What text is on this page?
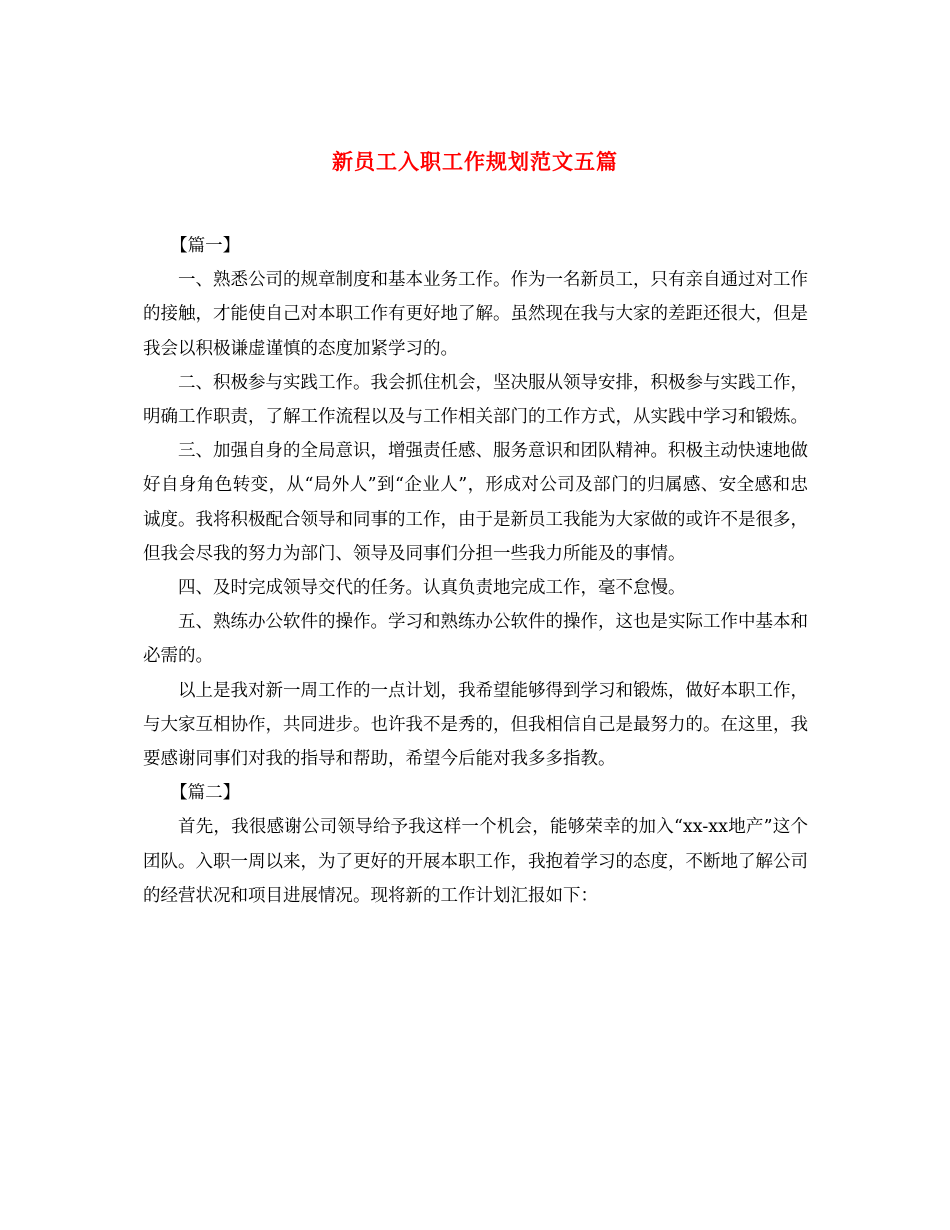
新员工入职工作规划范文五篇

【篇一】

一、熟悉公司的规章制度和基本业务工作。作为一名新员工，只有亲自通过对工作的接触，才能使自己对本职工作有更好地了解。虽然现在我与大家的差距还很大，但是我会以积极谦虚谨慎的态度加紧学习的。

二、积极参与实践工作。我会抓住机会，坚决服从领导安排，积极参与实践工作，明确工作职责，了解工作流程以及与工作相关部门的工作方式，从实践中学习和锻炼。

三、加强自身的全局意识，增强责任感、服务意识和团队精神。积极主动快速地做好自身角色转变，从“局外人”到“企业人”，形成对公司及部门的归属感、安全感和忠诚度。我将积极配合领导和同事的工作，由于是新员工我能为大家做的或许不是很多，但我会尽我的努力为部门、领导及同事们分担一些我力所能及的事情。

四、及时完成领导交代的任务。认真负责地完成工作，毫不怠慢。

五、熟练办公软件的操作。学习和熟练办公软件的操作，这也是实际工作中基本和必需的。

以上是我对新一周工作的一点计划，我希望能够得到学习和锻炼，做好本职工作，与大家互相协作，共同进步。也许我不是秀的，但我相信自己是最努力的。在这里，我要感谢同事们对我的指导和帮助，希望今后能对我多多指教。

【篇二】

首先，我很感谢公司领导给予我这样一个机会，能够荣幸的加入“xx-xx地产”这个团队。入职一周以来，为了更好的开展本职工作，我抱着学习的态度，不断地了解公司的经营状况和项目进展情况。现将新的工作计划汇报如下：
